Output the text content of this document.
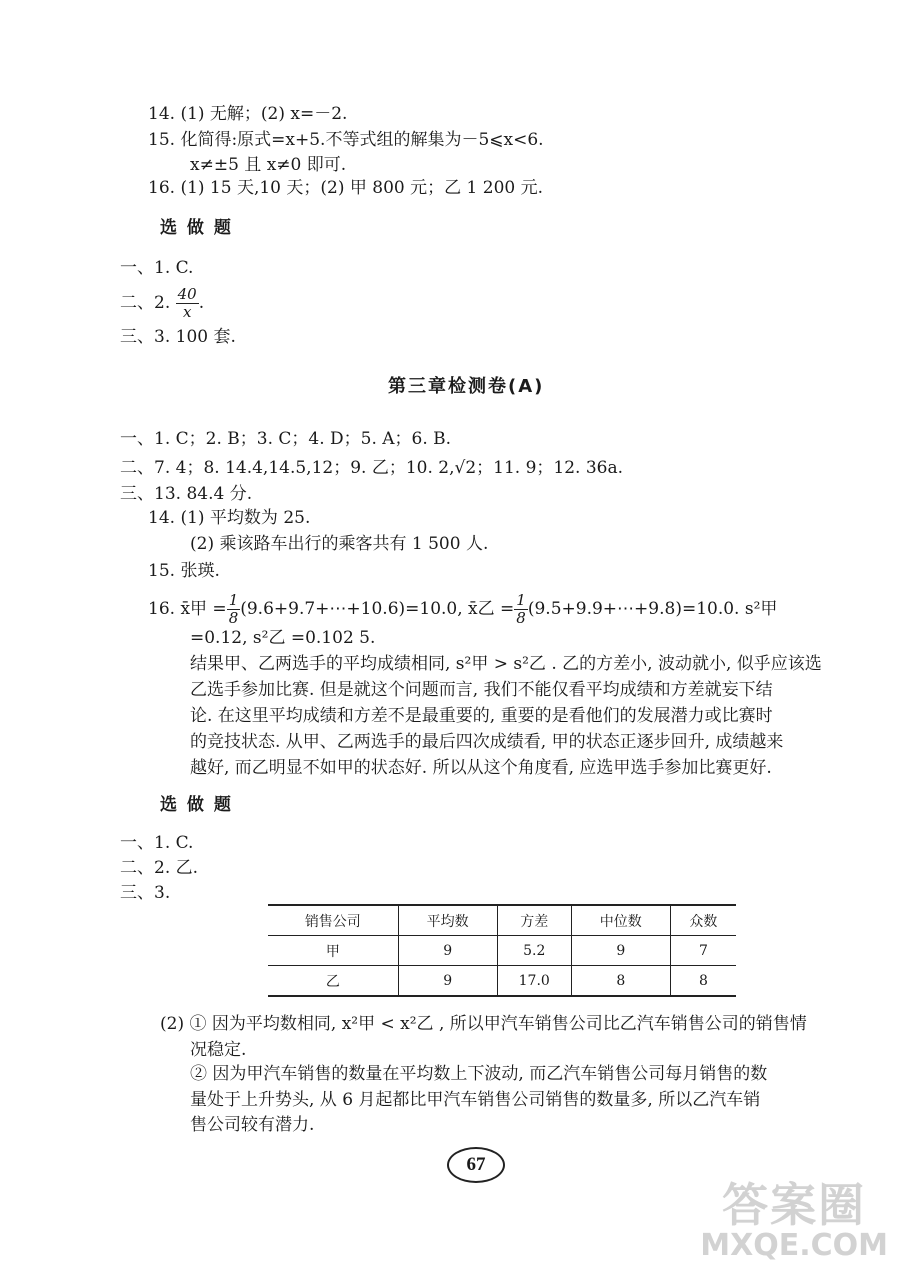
14. (1) 无解；(2) x=－2.
15. 化简得:原式=x+5.不等式组的解集为－5⩽x<6.
x≠±5 且 x≠0 即可.
16. (1) 15 天,10 天；(2) 甲 800 元；乙 1 200 元.
选 做 题
一、1. C.
二、2. $\frac{40}{x}$ .
三、3. 100 套.
第三章检测卷(A)
一、1. C；2. B；3. C；4. D；5. A；6. B.
二、7. 4；8. 14.4,14.5,12；9. 乙；10. 2,√2；11. 9；12. 36a.
三、13. 84.4 分.
14. (1) 平均数为 25.
(2) 乘该路车出行的乘客共有 1 500 人.
15. 张瑛.
16. x̄甲 = $\frac{1}{8}$ (9.6+9.7+⋯+10.6)=10.0, x̄乙 = $\frac{1}{8}$ (9.5+9.9+⋯+9.8)=10.0. s²甲
=0.12, s²乙 =0.102 5.
结果甲、乙两选手的平均成绩相同, s²甲 > s²乙 . 乙的方差小, 波动就小, 似乎应该选
乙选手参加比赛. 但是就这个问题而言, 我们不能仅看平均成绩和方差就妄下结
论. 在这里平均成绩和方差不是最重要的, 重要的是看他们的发展潜力或比赛时
的竞技状态. 从甲、乙两选手的最后四次成绩看, 甲的状态正逐步回升, 成绩越来
越好, 而乙明显不如甲的状态好. 所以从这个角度看, 应选甲选手参加比赛更好.
选 做 题
一、1. C.
二、2. 乙.
三、3.
销售公司	平均数	方差	中位数	众数
甲	9	5.2	9	7
乙	9	17.0	8	8
(2) ① 因为平均数相同, x²甲 < x²乙 , 所以甲汽车销售公司比乙汽车销售公司的销售情
况稳定.
② 因为甲汽车销售的数量在平均数上下波动, 而乙汽车销售公司每月销售的数
量处于上升势头, 从 6 月起都比甲汽车销售公司销售的数量多, 所以乙汽车销
售公司较有潜力.
67
答案圈
MXQE.COM
